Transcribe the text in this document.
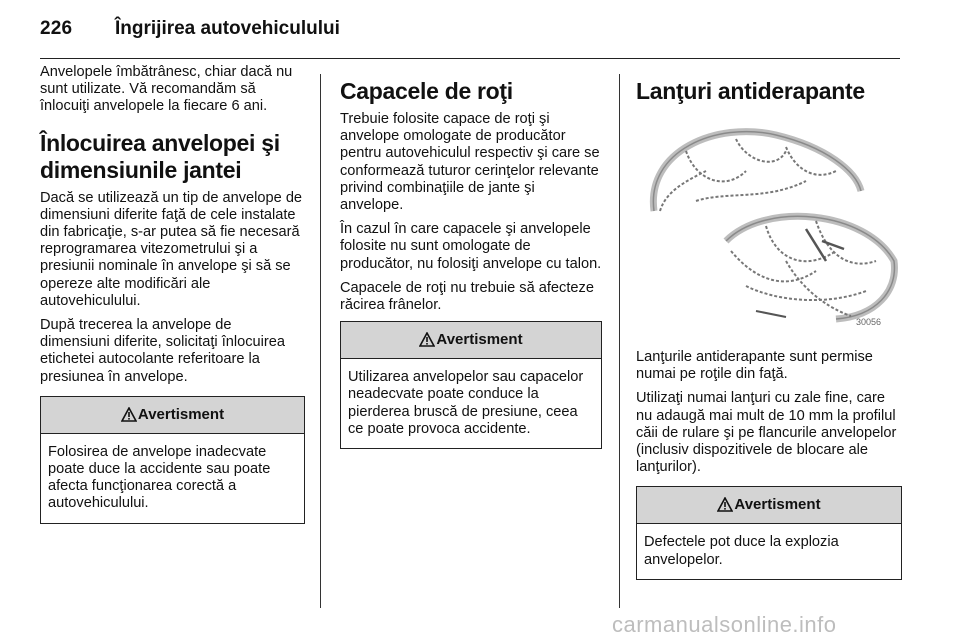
226 Îngrijirea autovehiculului

Anvelopele îmbătrânesc, chiar dacă nu sunt utilizate. Vă recomandăm să înlocuiţi anvelopele la fiecare 6 ani.

Înlocuirea anvelopei şi dimensiunile jantei

Dacă se utilizează un tip de anvelope de dimensiuni diferite faţă de cele instalate din fabricaţie, s-ar putea să fie necesară reprogramarea vitezometrului şi a presiunii nominale în anvelope şi să se opereze alte modificări ale autovehiculului.

După trecerea la anvelope de dimensiuni diferite, solicitaţi înlocuirea etichetei autocolante referitoare la presiunea în anvelope.

Avertisment

Folosirea de anvelope inadecvate poate duce la accidente sau poate afecta funcţionarea corectă a autovehiculului.

Capacele de roţi

Trebuie folosite capace de roţi şi anvelope omologate de producător pentru autovehiculul respectiv şi care se conformează tuturor cerinţelor relevante privind combinaţiile de jante şi anvelope.

În cazul în care capacele şi anvelopele folosite nu sunt omologate de producător, nu folosiţi anvelope cu talon.

Capacele de roţi nu trebuie să afecteze răcirea frânelor.

Avertisment

Utilizarea anvelopelor sau capacelor neadecvate poate conduce la pierderea bruscă de presiune, ceea ce poate provoca accidente.

Lanţuri antiderapante
30056

Lanţurile antiderapante sunt permise numai pe roţile din faţă.

Utilizaţi numai lanţuri cu zale fine, care nu adaugă mai mult de 10 mm la profilul căii de rulare şi pe flancurile anvelopelor (inclusiv dispozitivele de blocare ale lanţurilor).

Avertisment

Defectele pot duce la explozia anvelopelor.

carmanualsonline.info
